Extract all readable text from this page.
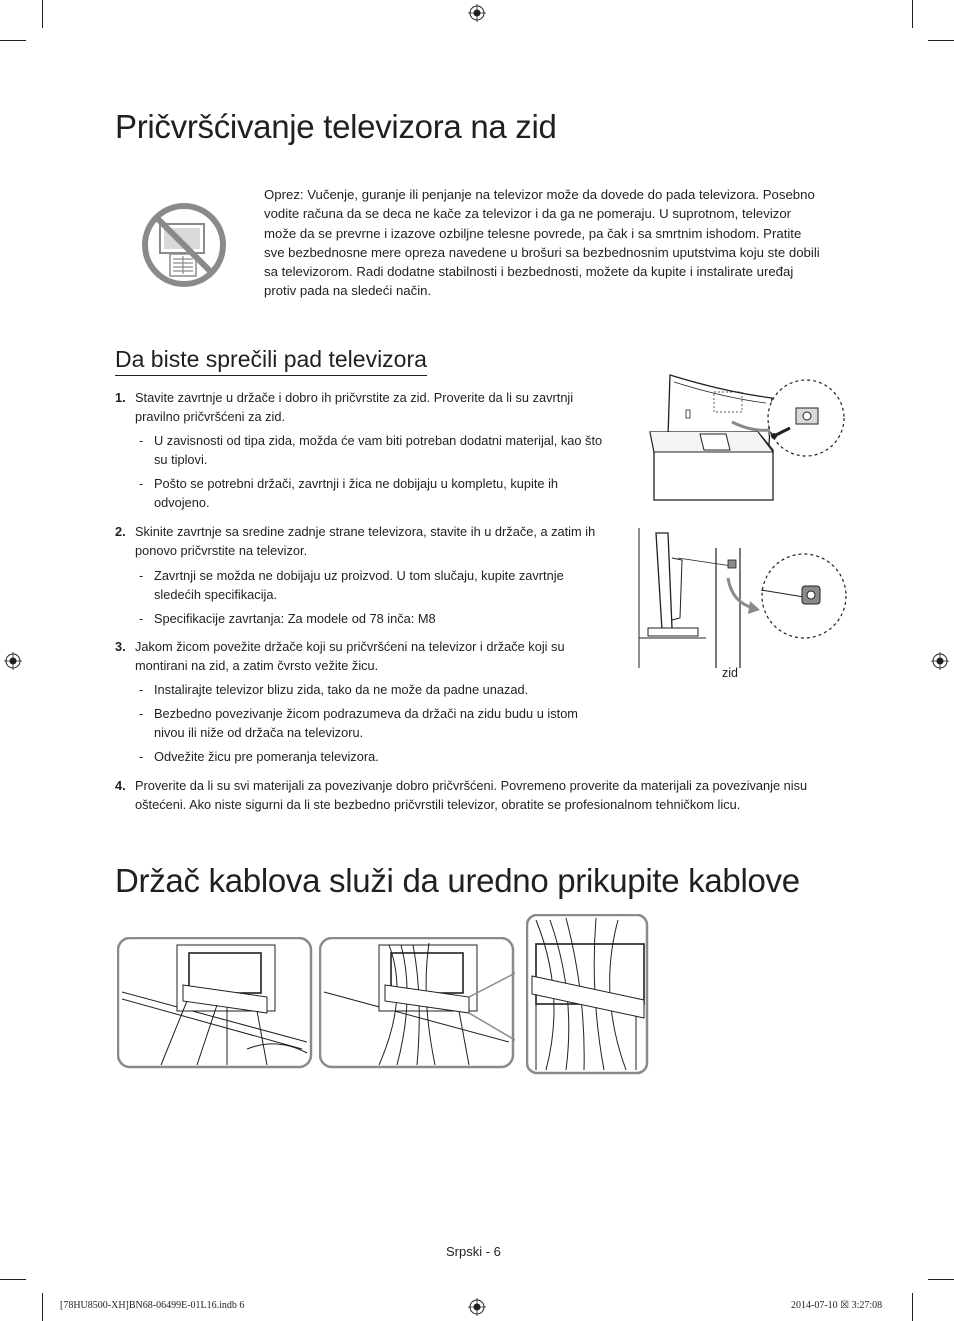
Pričvršćivanje televizora na zid
Oprez: Vučenje, guranje ili penjanje na televizor može da dovede do pada televizora. Posebno vodite računa da se deca ne kače za televizor i da ga ne pomeraju. U suprotnom, televizor može da se prevrne i izazove ozbiljne telesne povrede, pa čak i sa smrtnim ishodom. Pratite sve bezbednosne mere opreza navedene u brošuri sa bezbednosnim uputstvima koju ste dobili sa televizorom. Radi dodatne stabilnosti i bezbednosti, možete da kupite i instalirate uređaj protiv pada na sledeći način.
Da biste sprečili pad televizora
1. Stavite zavrtnje u držače i dobro ih pričvrstite za zid. Proverite da li su zavrtnji pravilno pričvršćeni za zid.
- U zavisnosti od tipa zida, možda će vam biti potreban dodatni materijal, kao što su tiplovi.
- Pošto se potrebni držači, zavrtnji i žica ne dobijaju u kompletu, kupite ih odvojeno.
2. Skinite zavrtnje sa sredine zadnje strane televizora, stavite ih u držače, a zatim ih ponovo pričvrstite na televizor.
- Zavrtnji se možda ne dobijaju uz proizvod. U tom slučaju, kupite zavrtnje sledećih specifikacija.
- Specifikacije zavrtanja: Za modele od 78 inča: M8
3. Jakom žicom povežite držače koji su pričvršćeni na televizor i držače koji su montirani na zid, a zatim čvrsto vežite žicu.
- Instalirajte televizor blizu zida, tako da ne može da padne unazad.
- Bezbedno povezivanje žicom podrazumeva da držači na zidu budu u istom nivou ili niže od držača na televizoru.
- Odvežite žicu pre pomeranja televizora.
4. Proverite da li su svi materijali za povezivanje dobro pričvršćeni. Povremeno proverite da materijali za povezivanje nisu oštećeni. Ako niste sigurni da li ste bezbedno pričvrstili televizor, obratite se profesionalnom tehničkom licu.
zid
Držač kablova služi da uredno prikupite kablove
Srpski - 6
[78HU8500-XH]BN68-06499E-01L16.indb 6	2014-07-10 ☒ 3:27:08
